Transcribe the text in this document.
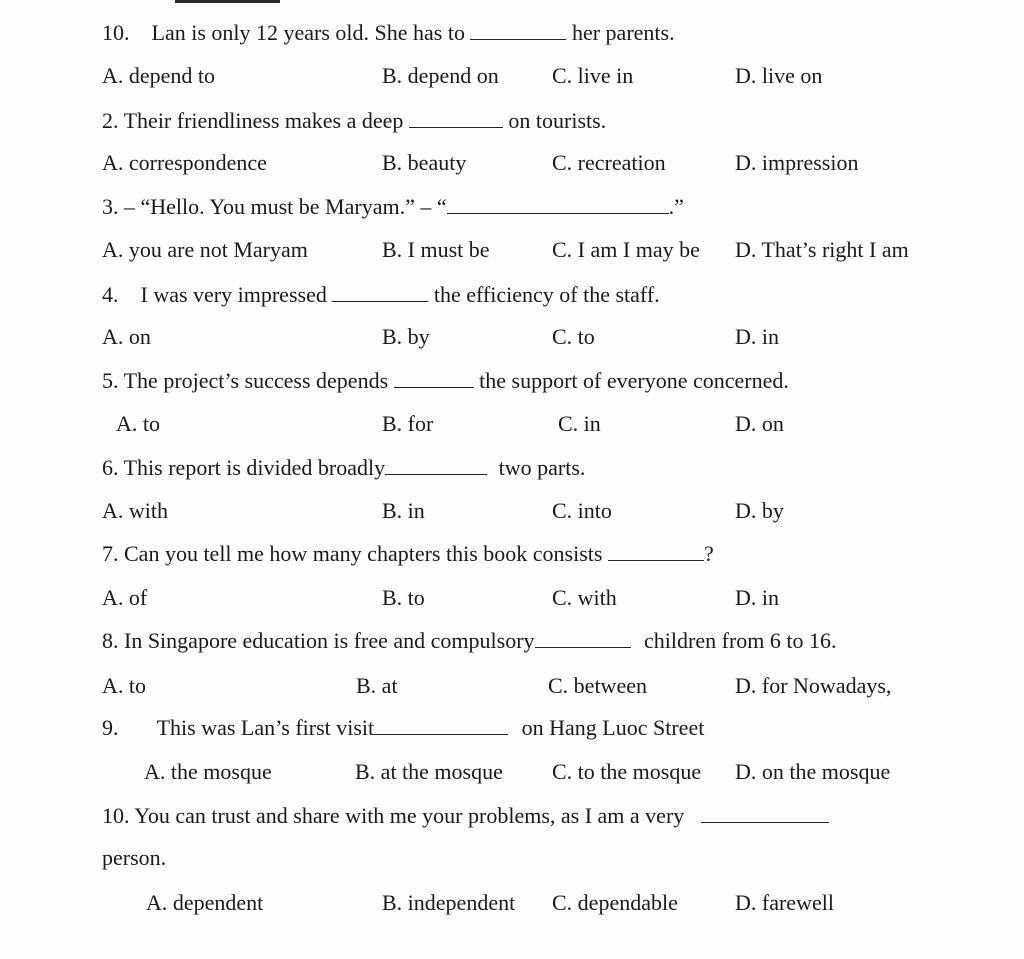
10. Lan is only 12 years old. She has to	her parents.
A. depend to	B. depend on C. live in	D. live on
2. Their friendliness makes a deep	on tourists.
A. correspondence	B. beauty	C. recreation	D. impression
3. – “Hello. You must be Maryam.” – “	.”
A. you are not Maryam	B. I must be	C. I am I may be D. That’s right I am
4. I was very impressed	the efficiency of the staff.
A. on	B. by	C. to	D. in
5. The project’s success depends	the support of everyone concerned.
A. to	B. for	C. in	D. on
6. This report is divided broadly	two parts.
A. with	B. in	C. into	D. by
7. Can you tell me how many chapters this book consists	?
A. of	B. to	C. with	D. in
8. In Singapore education is free and compulsory	children from 6 to 16.
A. to	B. at	C. between	D. for Nowadays,
9. This was Lan’s first visit	on Hang Luoc Street
A. the mosque	B. at the mosque C. to the mosque D. on the mosque
10. You can trust and share with me your problems, as I am a very
person.
A. dependent	B. independent C. dependable	D. farewell
